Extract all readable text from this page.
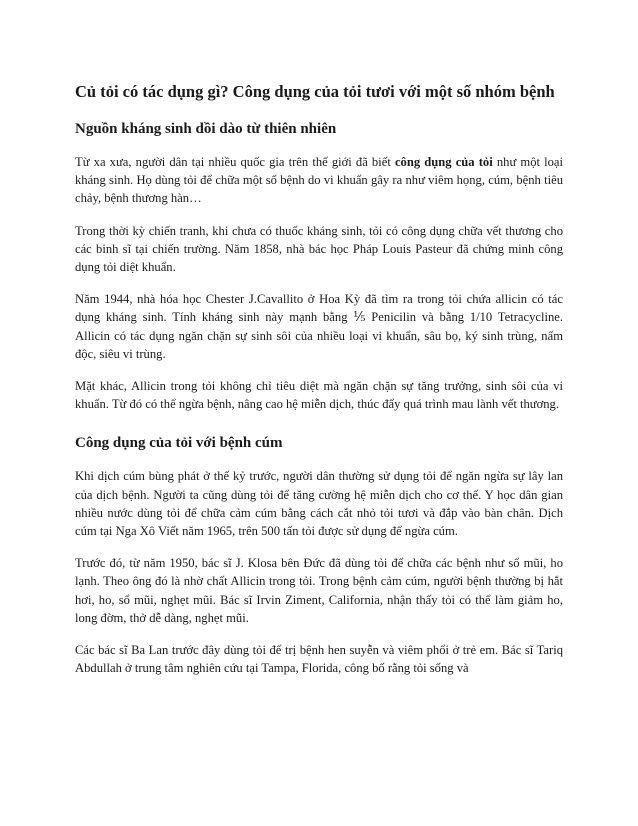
Củ tỏi có tác dụng gì? Công dụng của tỏi tươi với một số nhóm bệnh
Nguồn kháng sinh dồi dào từ thiên nhiên

Từ xa xưa, người dân tại nhiều quốc gia trên thế giới đã biết công dụng của tỏi như một loại kháng sinh. Họ dùng tỏi để chữa một số bệnh do vi khuẩn gây ra như viêm họng, cúm, bệnh tiêu chảy, bệnh thương hàn…

Trong thời kỳ chiến tranh, khi chưa có thuốc kháng sinh, tỏi có công dụng chữa vết thương cho các binh sĩ tại chiến trường. Năm 1858, nhà bác học Pháp Louis Pasteur đã chứng minh công dụng tỏi diệt khuẩn.

Năm 1944, nhà hóa học Chester J.Cavallito ở Hoa Kỳ đã tìm ra trong tỏi chứa allicin có tác dụng kháng sinh. Tính kháng sinh này mạnh bằng ⅕ Penicilin và bằng 1/10 Tetracycline. Allicin có tác dụng ngăn chặn sự sinh sôi của nhiều loại vi khuẩn, sâu bọ, ký sinh trùng, nấm độc, siêu vi trùng.

Mặt khác, Allicin trong tỏi không chỉ tiêu diệt mà ngăn chặn sự tăng trưởng, sinh sôi của vi khuẩn. Từ đó có thể ngừa bệnh, nâng cao hệ miễn dịch, thúc đẩy quá trình mau lành vết thương.

Công dụng của tỏi với bệnh cúm

Khi dịch cúm bùng phát ở thế kỷ trước, người dân thường sử dụng tỏi để ngăn ngừa sự lây lan của dịch bệnh. Người ta cũng dùng tỏi để tăng cường hệ miễn dịch cho cơ thể. Y học dân gian nhiều nước dùng tỏi để chữa cảm cúm bằng cách cắt nhỏ tỏi tươi và đắp vào bàn chân. Dịch cúm tại Nga Xô Viết năm 1965, trên 500 tấn tỏi được sử dụng để ngừa cúm.

Trước đó, từ năm 1950, bác sĩ J. Klosa bên Đức đã dùng tỏi để chữa các bệnh như sổ mũi, ho lạnh. Theo ông đó là nhờ chất Allicin trong tỏi. Trong bệnh cảm cúm, người bệnh thường bị hắt hơi, ho, sổ mũi, nghẹt mũi. Bác sĩ Irvin Ziment, California, nhận thấy tỏi có thể làm giảm ho, long đờm, thở dễ dàng, nghẹt mũi.

Các bác sĩ Ba Lan trước đây dùng tỏi để trị bệnh hen suyễn và viêm phổi ở trẻ em. Bác sĩ Tariq Abdullah ở trung tâm nghiên cứu tại Tampa, Florida, công bố rằng tỏi sống và
